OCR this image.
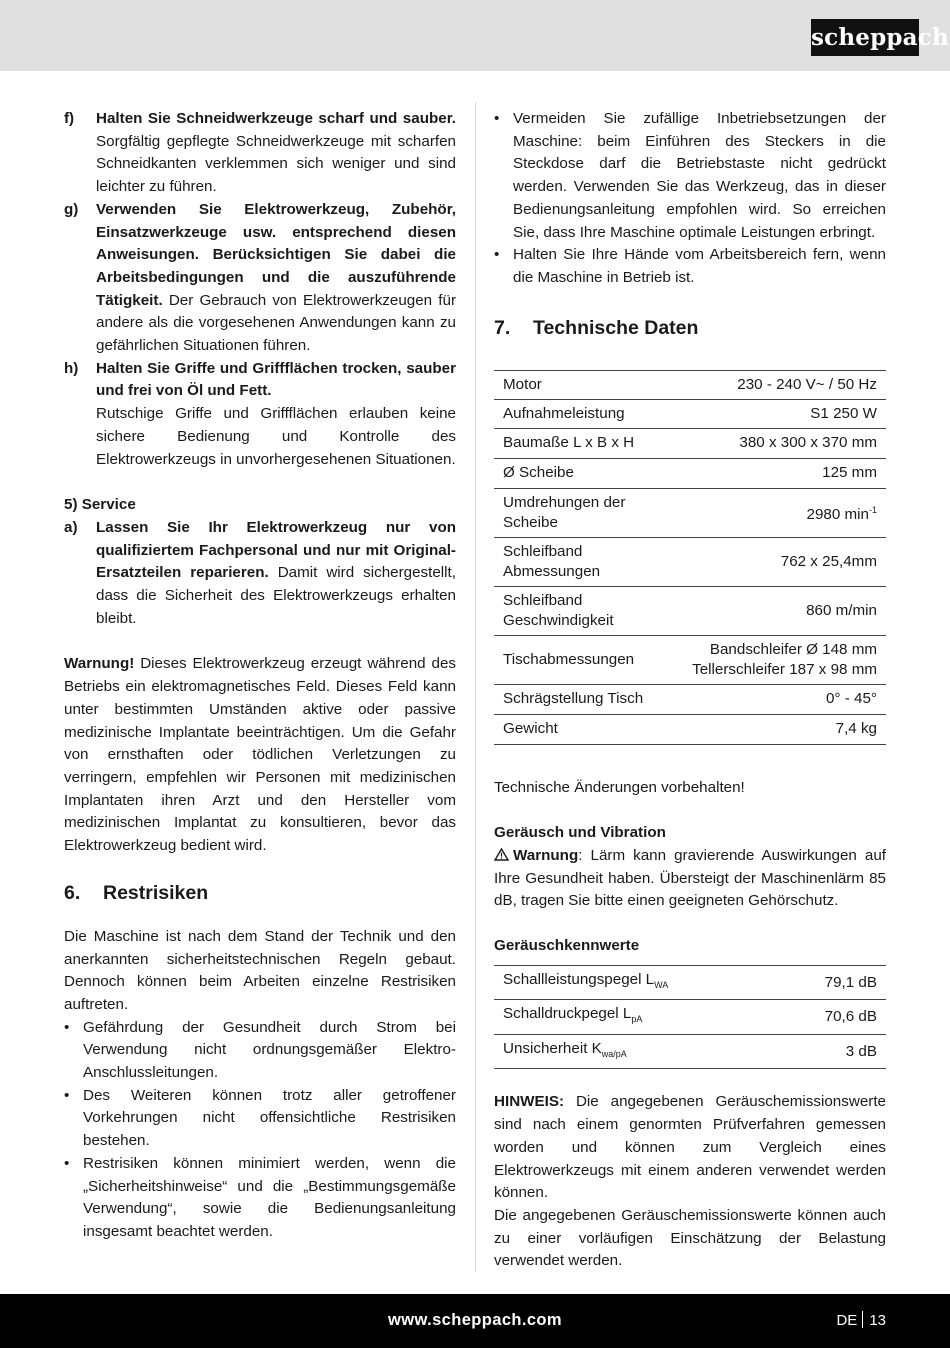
scheppach
f)	Halten Sie Schneidwerkzeuge scharf und sauber. Sorgfältig gepflegte Schneidwerkzeuge mit scharfen Schneidkanten verklemmen sich weniger und sind leichter zu führen.
g)	Verwenden Sie Elektrowerkzeug, Zubehör, Einsatzwerkzeuge usw. entsprechend diesen Anweisungen. Berücksichtigen Sie dabei die Arbeitsbedingungen und die auszuführende Tätigkeit. Der Gebrauch von Elektrowerkzeugen für andere als die vorgesehenen Anwendungen kann zu gefährlichen Situationen führen.
h)	Halten Sie Griffe und Griffflächen trocken, sauber und frei von Öl und Fett.
Rutschige Griffe und Griffflächen erlauben keine sichere Bedienung und Kontrolle des Elektrowerkzeugs in unvorhergesehenen Situationen.
5) Service
a)	Lassen Sie Ihr Elektrowerkzeug nur von qualifiziertem Fachpersonal und nur mit Original-Ersatzteilen reparieren. Damit wird sichergestellt, dass die Sicherheit des Elektrowerkzeugs erhalten bleibt.

Warnung! Dieses Elektrowerkzeug erzeugt während des Betriebs ein elektromagnetisches Feld. Dieses Feld kann unter bestimmten Umständen aktive oder passive medizinische Implantate beeinträchtigen. Um die Gefahr von ernsthaften oder tödlichen Verletzungen zu verringern, empfehlen wir Personen mit medizinischen Implantaten ihren Arzt und den Hersteller vom medizinischen Implantat zu konsultieren, bevor das Elektrowerkzeug bedient wird.

6.	Restrisiken

Die Maschine ist nach dem Stand der Technik und den anerkannten sicherheitstechnischen Regeln gebaut. Dennoch können beim Arbeiten einzelne Restrisiken auftreten.

• Gefährdung der Gesundheit durch Strom bei Verwendung nicht ordnungsgemäßer Elektro-Anschlussleitungen.
• Des Weiteren können trotz aller getroffener Vorkehrungen nicht offensichtliche Restrisiken bestehen.
• Restrisiken können minimiert werden, wenn die „Sicherheitshinweise“ und die „Bestimmungsgemäße Verwendung“, sowie die Bedienungsanleitung insgesamt beachtet werden.
• Vermeiden Sie zufällige Inbetriebsetzungen der Maschine: beim Einführen des Steckers in die Steckdose darf die Betriebstaste nicht gedrückt werden. Verwenden Sie das Werkzeug, das in dieser Bedienungsanleitung empfohlen wird. So erreichen Sie, dass Ihre Maschine optimale Leistungen erbringt.
• Halten Sie Ihre Hände vom Arbeitsbereich fern, wenn die Maschine in Betrieb ist.
7.	Technische Daten
Motor	230 - 240 V~ / 50 Hz
Aufnahmeleistung	S1 250 W
Baumaße L x B x H	380 x 300 x 370 mm
Ø Scheibe	125 mm
Umdrehungen der Scheibe	2980 $\min^{-1}$
Schleifband Abmessungen	762 x 25,4mm
Schleifband Geschwindigkeit	860 m/min
Tischabmessungen	Bandschleifer Ø 148 mm
Tellerschleifer 187 x 98 mm

Schrägstellung Tisch	0° - 45°
Gewicht	7,4 kg

Technische Änderungen vorbehalten!

Geräusch und Vibration

Warnung: Lärm kann gravierende Auswirkungen auf Ihre Gesundheit haben. Übersteigt der Maschinenlärm 85 dB, tragen Sie bitte einen geeigneten Gehörschutz.

Geräuschkennwerte
Schallleistungspegel $L_{WA}$	79,1 dB
Schalldruckpegel $L_{pA}$	70,6 dB
Unsicherheit $K_{wa/pA}$	3 dB

HINWEIS: Die angegebenen Geräuschemissionswerte sind nach einem genormten Prüfverfahren gemessen worden und können zum Vergleich eines Elektrowerkzeugs mit einem anderen verwendet werden können.

Die angegebenen Geräuschemissionswerte können auch zu einer vorläufigen Einschätzung der Belastung verwendet werden.

www.scheppach.com	DE 13
